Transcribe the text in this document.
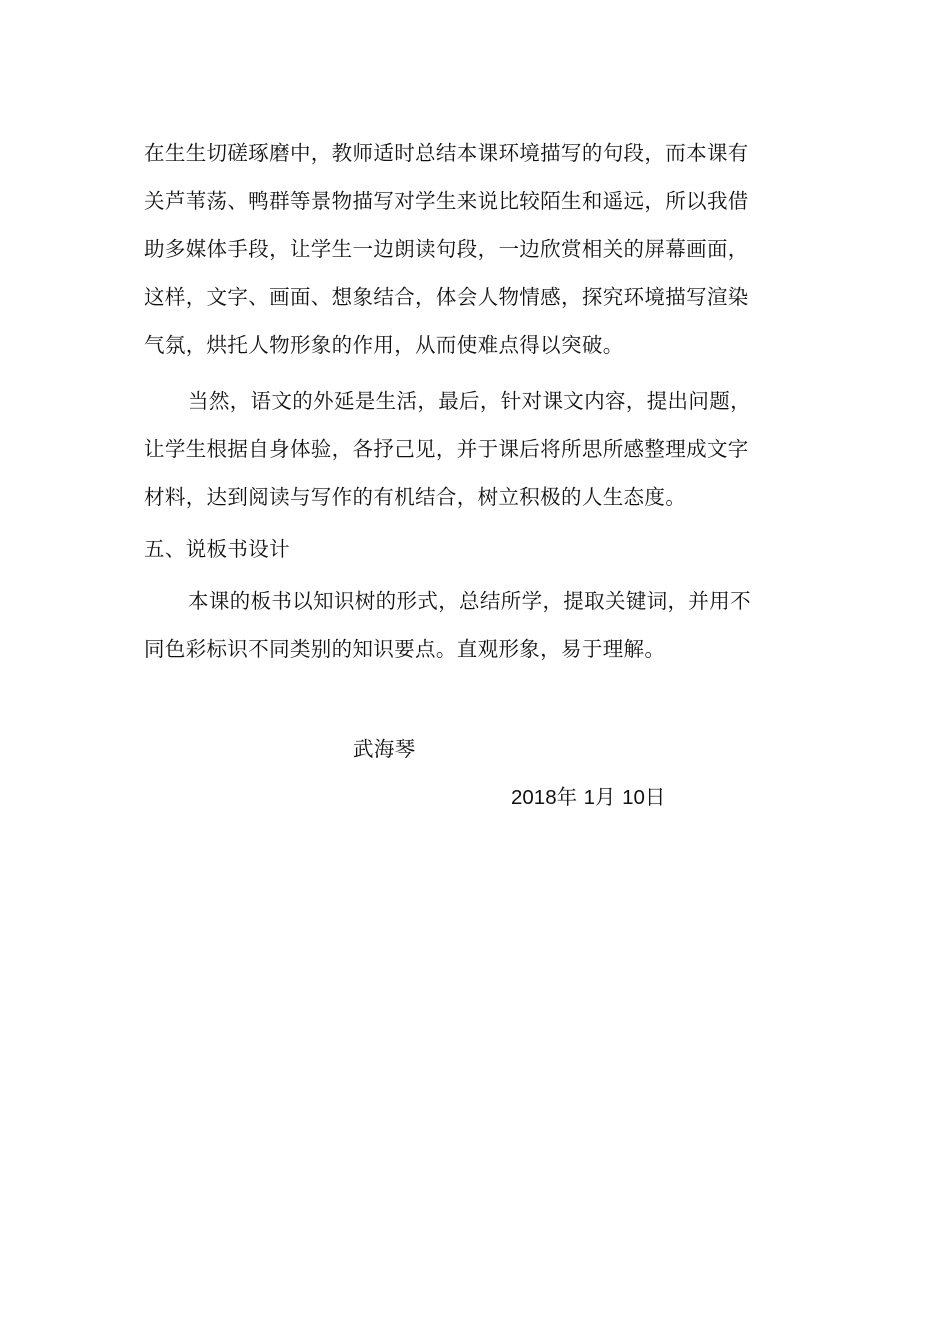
在生生切磋琢磨中，教师适时总结本课环境描写的句段，而本课有
关芦苇荡、鸭群等景物描写对学生来说比较陌生和遥远，所以我借
助多媒体手段，让学生一边朗读句段，一边欣赏相关的屏幕画面，
这样，文字、画面、想象结合，体会人物情感，探究环境描写渲染
气氛，烘托人物形象的作用，从而使难点得以突破。
当然，语文的外延是生活，最后，针对课文内容，提出问题，
让学生根据自身体验，各抒己见，并于课后将所思所感整理成文字
材料，达到阅读与写作的有机结合，树立积极的人生态度。
五、说板书设计
本课的板书以知识树的形式，总结所学，提取关键词，并用不
同色彩标识不同类别的知识要点。直观形象，易于理解。
武海琴
2018年 1月 10日
